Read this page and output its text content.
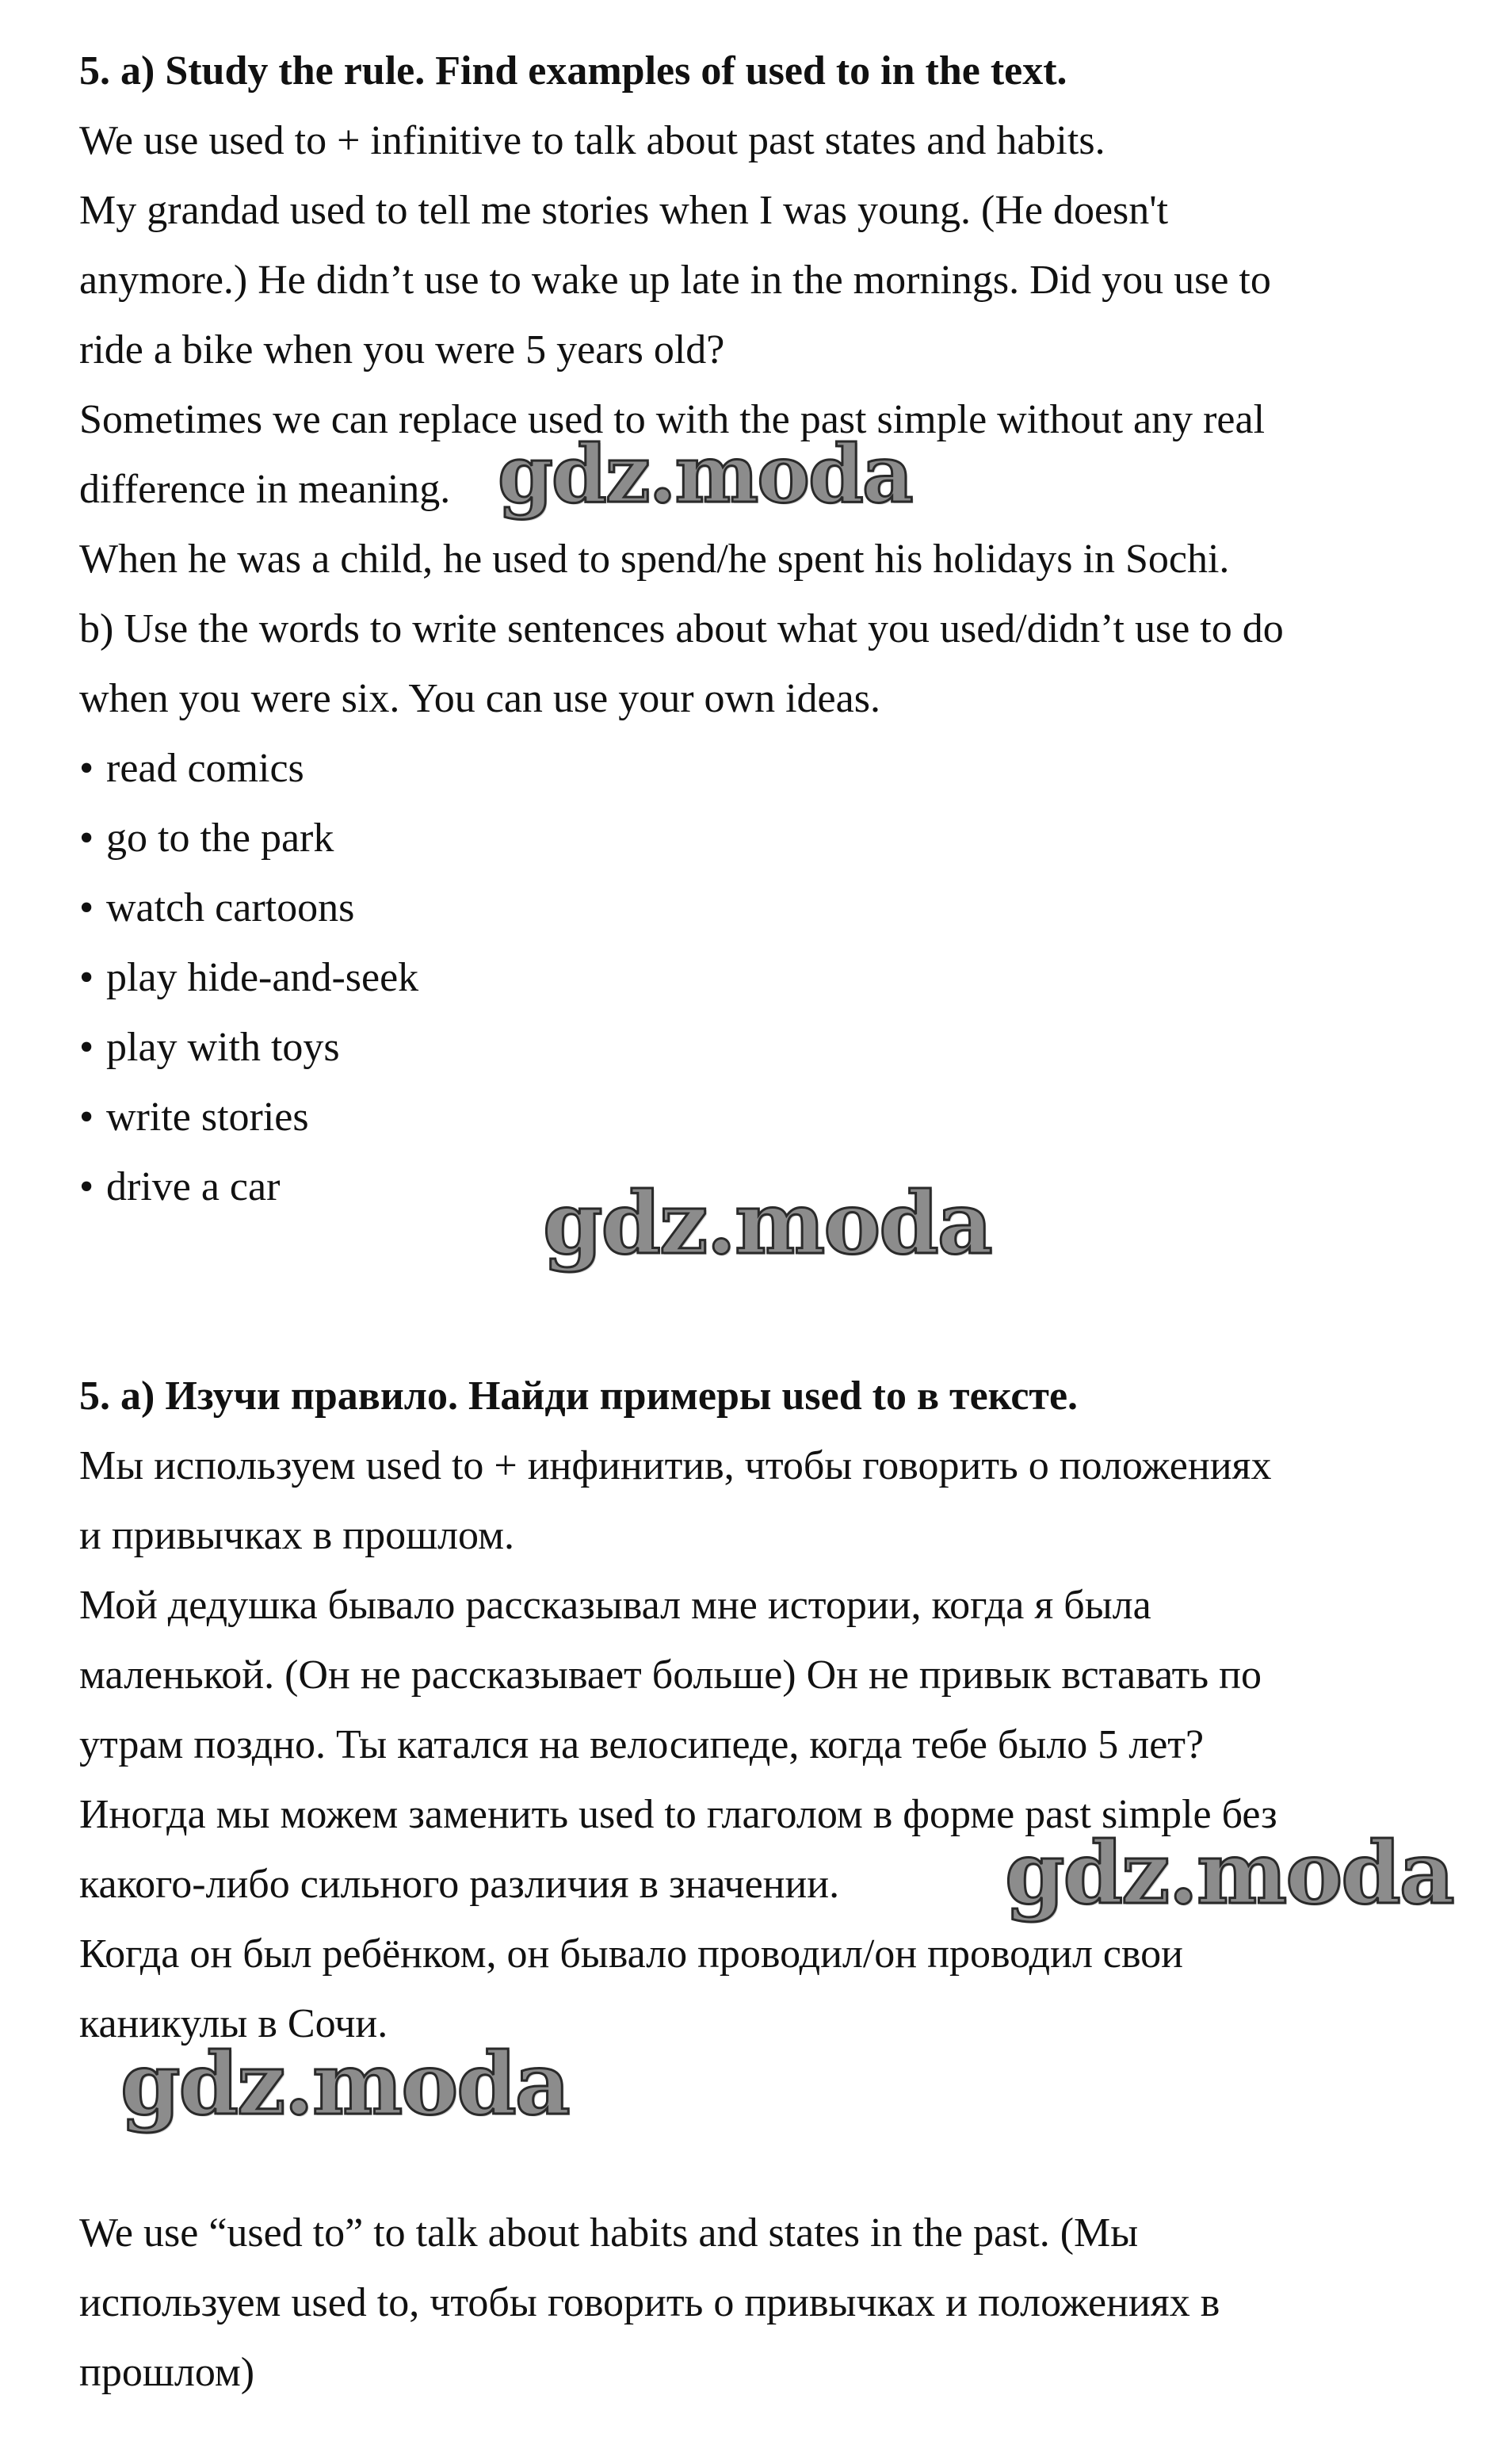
5. a) Study the rule. Find examples of used to in the text.

We use used to + infinitive to talk about past states and habits.

My grandad used to tell me stories when I was young. (He doesn't

anymore.) He didn’t use to wake up late in the mornings. Did you use to

ride a bike when you were 5 years old?

Sometimes we can replace used to with the past simple without any real

difference in meaning.

When he was a child, he used to spend/he spent his holidays in Sochi.

b) Use the words to write sentences about what you used/didn’t use to do

when you were six. You can use your own ideas.

• read comics

• go to the park

• watch cartoons

• play hide-and-seek

• play with toys

• write stories

• drive a car

5. а) Изучи правило. Найди примеры used to в тексте.

Мы используем used to + инфинитив, чтобы говорить о положениях

и привычках в прошлом.

Мой дедушка бывало рассказывал мне истории, когда я была

маленькой. (Он не рассказывает больше) Он не привык вставать по

утрам поздно. Ты катался на велосипеде, когда тебе было 5 лет?

Иногда мы можем заменить used to глаголом в форме past simple без

какого-либо сильного различия в значении.

Когда он был ребёнком, он бывало проводил/он проводил свои

каникулы в Сочи.

We use “used to” to talk about habits and states in the past. (Мы

используем used to, чтобы говорить о привычках и положениях в

прошлом)

gdz.moda
gdz.moda
gdz.moda
gdz.moda
